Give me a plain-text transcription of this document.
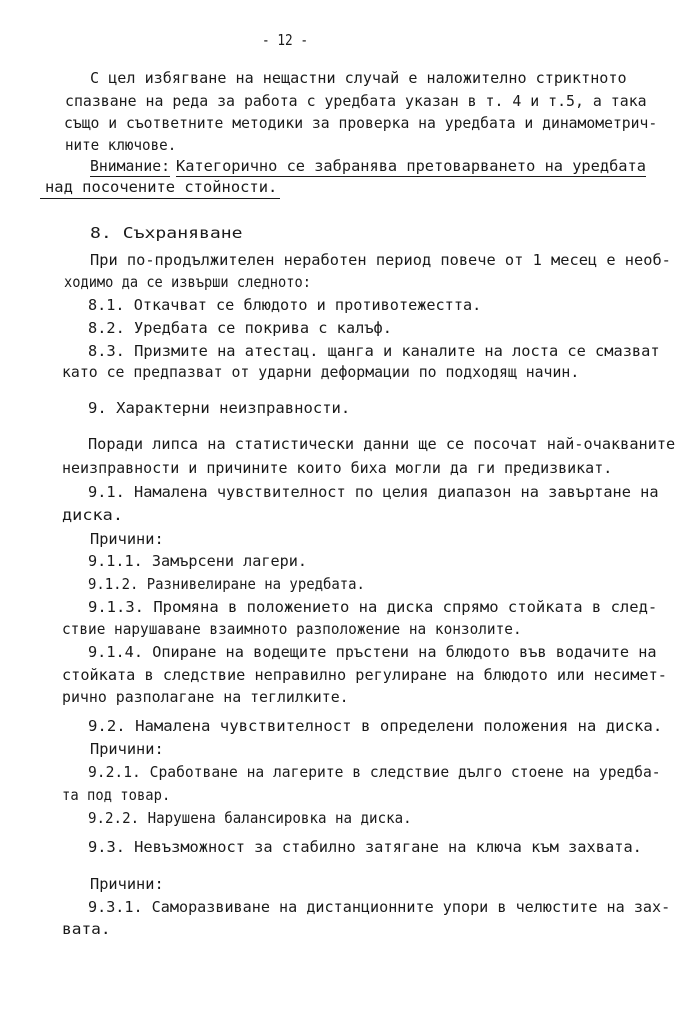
- 12 -
С цел избягване на нещастни случай е наложително стриктното
спазване на реда за работа с уредбата указан в т. 4 и т.5, а така
също и съответните методики за проверка на уредбата и динамометрич-
ните ключове.
Внимание: Категорично се забранява претоварването на уредбата
над посочените стойности.
8. Съхраняване
При по-продължителен неработен период повече от 1 месец е необ-
ходимо да се извърши следното:
8.1. Откачват се блюдото и противотежестта.
8.2. Уредбата се покрива с калъф.
8.3. Призмите на атестац. щанга и каналите на лоста се смазват
като се предпазват от ударни деформации по подходящ начин.
9. Характерни неизправности.
Поради липса на статистически данни ще се посочат най-очакваните
неизправности и причините които биха могли да ги предизвикат.
9.1. Намалена чувствителност по целия диапазон на завъртане на
диска.
Причини:
9.1.1. Замърсени лагери.
9.1.2. Разнивелиране на уредбата.
9.1.3. Промяна в положението на диска спрямо стойката в след-
ствие нарушаване взаимното разположение на конзолите.
9.1.4. Опиране на водещите пръстени на блюдото във водачите на
стойката в следствие неправилно регулиране на блюдото или несимет-
рично разполагане на теглилките.
9.2. Намалена чувствителност в определени положения на диска.
Причини:
9.2.1. Сработване на лагерите в следствие дълго стоене на уредба-
та под товар.
9.2.2. Нарушена балансировка на диска.
9.3. Невъзможност за стабилно затягане на ключа към захвата.
Причини:
9.3.1. Саморазвиване на дистанционните упори в челюстите на зах-
вата.
